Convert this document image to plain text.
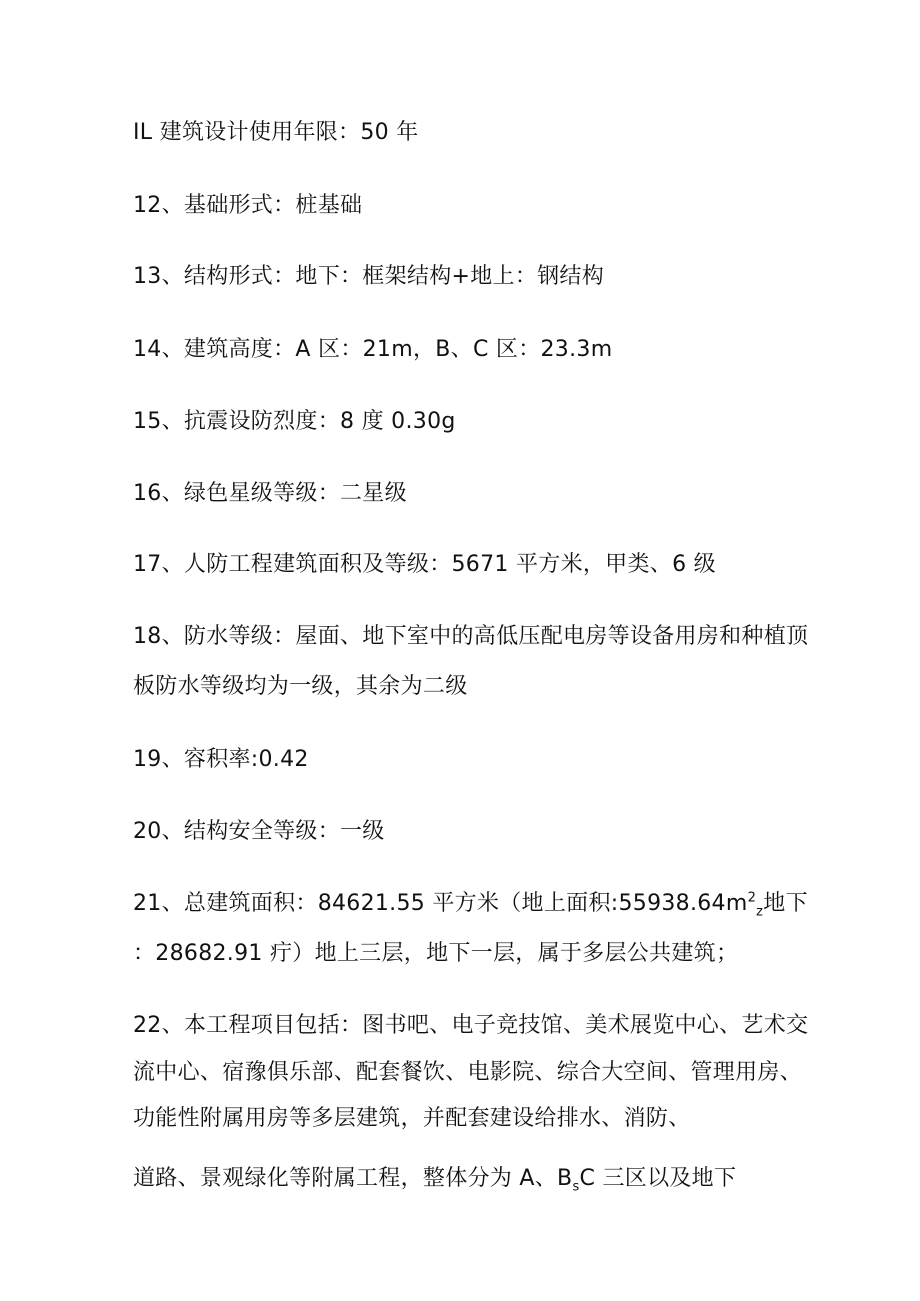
IL 建筑设计使用年限：50 年
12、基础形式：桩基础
13、结构形式：地下：框架结构+地上：钢结构
14、建筑高度：A 区：21m，B、C 区：23.3m
15、抗震设防烈度：8 度 0.30g
16、绿色星级等级：二星级
17、人防工程建筑面积及等级：5671 平方米，甲类、6 级
18、防水等级：屋面、地下室中的高低压配电房等设备用房和种植顶
板防水等级均为一级，其余为二级
19、容积率:0.42
20、结构安全等级：一级
21、总建筑面积：84621.55 平方米（地上面积$:55938.64m^2_z$地下
：28682.91 疔）地上三层，地下一层，属于多层公共建筑；
22、本工程项目包括：图书吧、电子竞技馆、美术展览中心、艺术交
流中心、宿豫俱乐部、配套餐饮、电影院、综合大空间、管理用房、
功能性附属用房等多层建筑，并配套建设给排水、消防、
道路、景观绿化等附属工程，整体分为 A、$B_sC$ 三区以及地下
